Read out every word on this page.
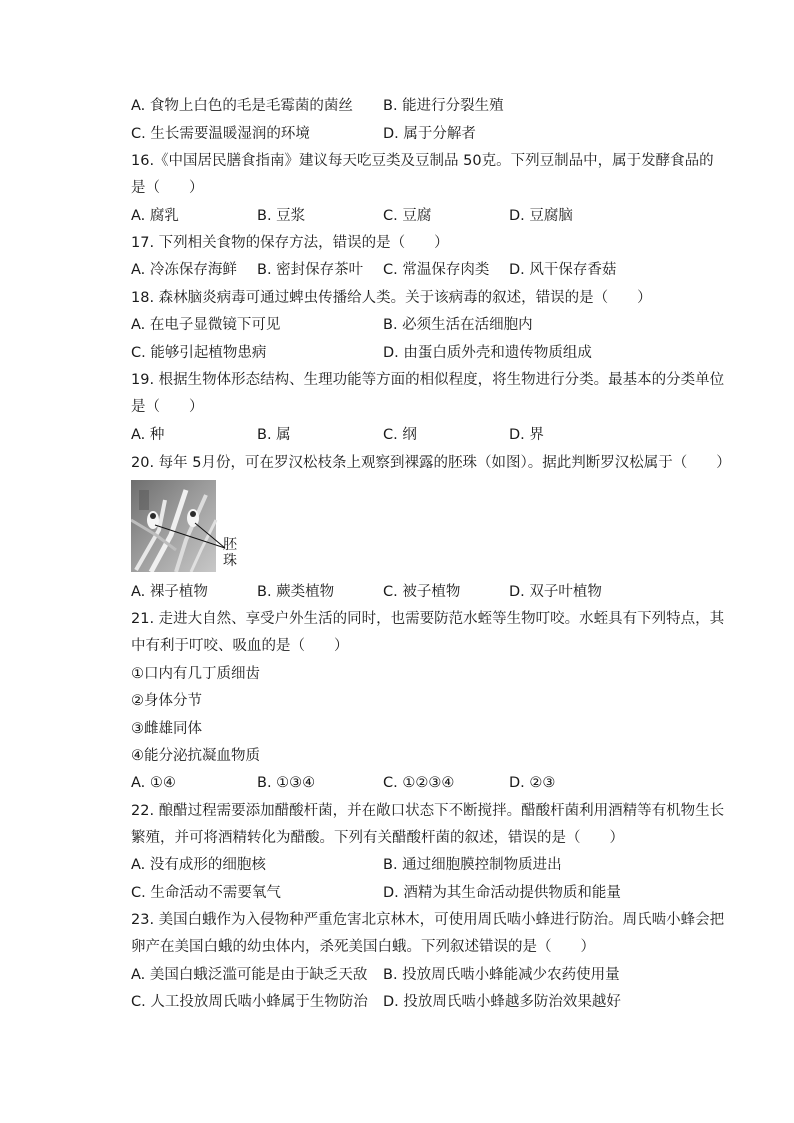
A. 食物上白色的毛是毛霉菌的菌丝 B. 能进行分裂生殖
C. 生长需要温暖湿润的环境	D. 属于分解者
16.《中国居民膳食指南》建议每天吃豆类及豆制品 50克。下列豆制品中，属于发酵食品的
是（　　）
A. 腐乳	B. 豆浆	C. 豆腐	D. 豆腐脑
17. 下列相关食物的保存方法，错误的是（　　）
A. 冷冻保存海鲜 B. 密封保存茶叶 C. 常温保存肉类 D. 风干保存香菇
18. 森林脑炎病毒可通过蜱虫传播给人类。关于该病毒的叙述，错误的是（　　）
A. 在电子显微镜下可见	B. 必须生活在活细胞内
C. 能够引起植物患病	D. 由蛋白质外壳和遗传物质组成
19. 根据生物体形态结构、生理功能等方面的相似程度，将生物进行分类。最基本的分类单位
是（　　）
A. 种	B. 属	C. 纲	D. 界
20. 每年 5月份，可在罗汉松枝条上观察到裸露的胚珠（如图）。据此判断罗汉松属于（　　）
胚
珠
A. 裸子植物	B. 蕨类植物	C. 被子植物	D. 双子叶植物
21. 走进大自然、享受户外生活的同时，也需要防范水蛭等生物叮咬。水蛭具有下列特点，其
中有利于叮咬、吸血的是（　　）
①口内有几丁质细齿
②身体分节
③雌雄同体
④能分泌抗凝血物质
A. ①④	B. ①③④	C. ①②③④	D. ②③
22. 酿醋过程需要添加醋酸杆菌，并在敞口状态下不断搅拌。醋酸杆菌利用酒精等有机物生长
繁殖，并可将酒精转化为醋酸。下列有关醋酸杆菌的叙述，错误的是（　　）
A. 没有成形的细胞核	B. 通过细胞膜控制物质进出
C. 生命活动不需要氧气	D. 酒精为其生命活动提供物质和能量
23. 美国白蛾作为入侵物种严重危害北京林木，可使用周氏啮小蜂进行防治。周氏啮小蜂会把
卵产在美国白蛾的幼虫体内，杀死美国白蛾。下列叙述错误的是（　　）
A. 美国白蛾泛滥可能是由于缺乏天敌 B. 投放周氏啮小蜂能减少农药使用量
C. 人工投放周氏啮小蜂属于生物防治 D. 投放周氏啮小蜂越多防治效果越好
